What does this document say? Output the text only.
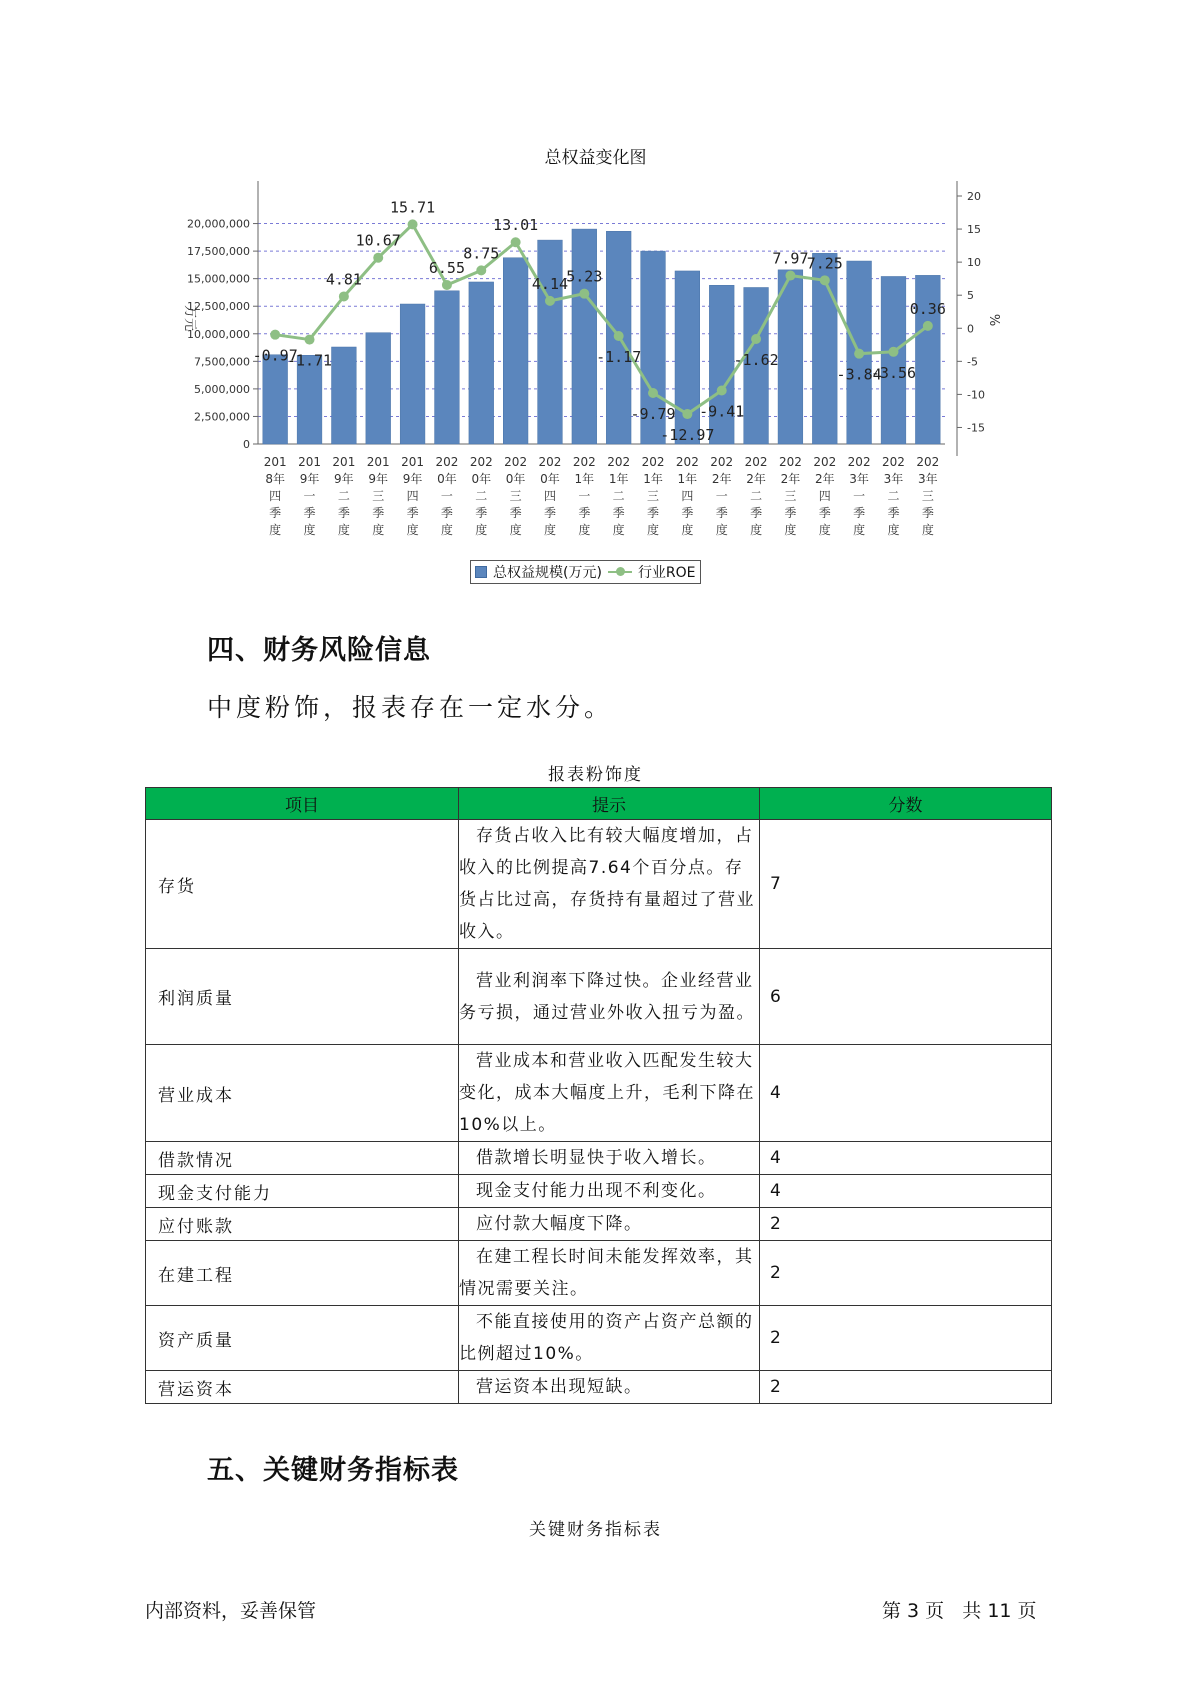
总权益变化图
0
2,500,000
5,000,000
7,500,000
10,000,000
12,500,000
15,000,000
17,500,000
20,000,000
-15
-10
-5
0
5
10
15
20
万元	%
201
8年
四
季
度
201
9年
一
季
度
201
9年
二
季
度
201
9年
三
季
度
201
9年
四
季
度
202
0年
一
季
度
202
0年
二
季
度
202
0年
三
季
度
202
0年
四
季
度
202
1年
一
季
度
202
1年
二
季
度
202
1年
三
季
度
202
1年
四
季
度
202
2年
一
季
度
202
2年
二
季
度
202
2年
三
季
度
202
2年
四
季
度
202
3年
一
季
度
202
3年
二
季
度
202
3年
三
季
度
-0.97
-1.71
4.81
10.67
15.71
6.55
8.75
13.01
4.14
5.23
-1.17
-9.79
-12.97
-9.41
-1.62
7.97
7.25
-3.84
-3.56
0.36
总权益规模(万元)	行业ROE
四、财务风险信息
中度粉饰，报表存在一定水分。
报表粉饰度
项目	提示	分数
存货	存货占收入比有较大幅度增加，占收入的比例提高7.64个百分点。存货占比过高，存货持有量超过了营业收入。	7
利润质量	营业利润率下降过快。企业经营业务亏损，通过营业外收入扭亏为盈。	6
营业成本	营业成本和营业收入匹配发生较大变化，成本大幅度上升，毛利下降在10%以上。	4
借款情况	借款增长明显快于收入增长。	4
现金支付能力	现金支付能力出现不利变化。	4
应付账款	应付款大幅度下降。	2
在建工程	在建工程长时间未能发挥效率，其情况需要关注。	2
资产质量	不能直接使用的资产占资产总额的比例超过10%。	2
营运资本	营运资本出现短缺。	2
五、关键财务指标表
关键财务指标表
内部资料，妥善保管	第 3 页   共 11 页
